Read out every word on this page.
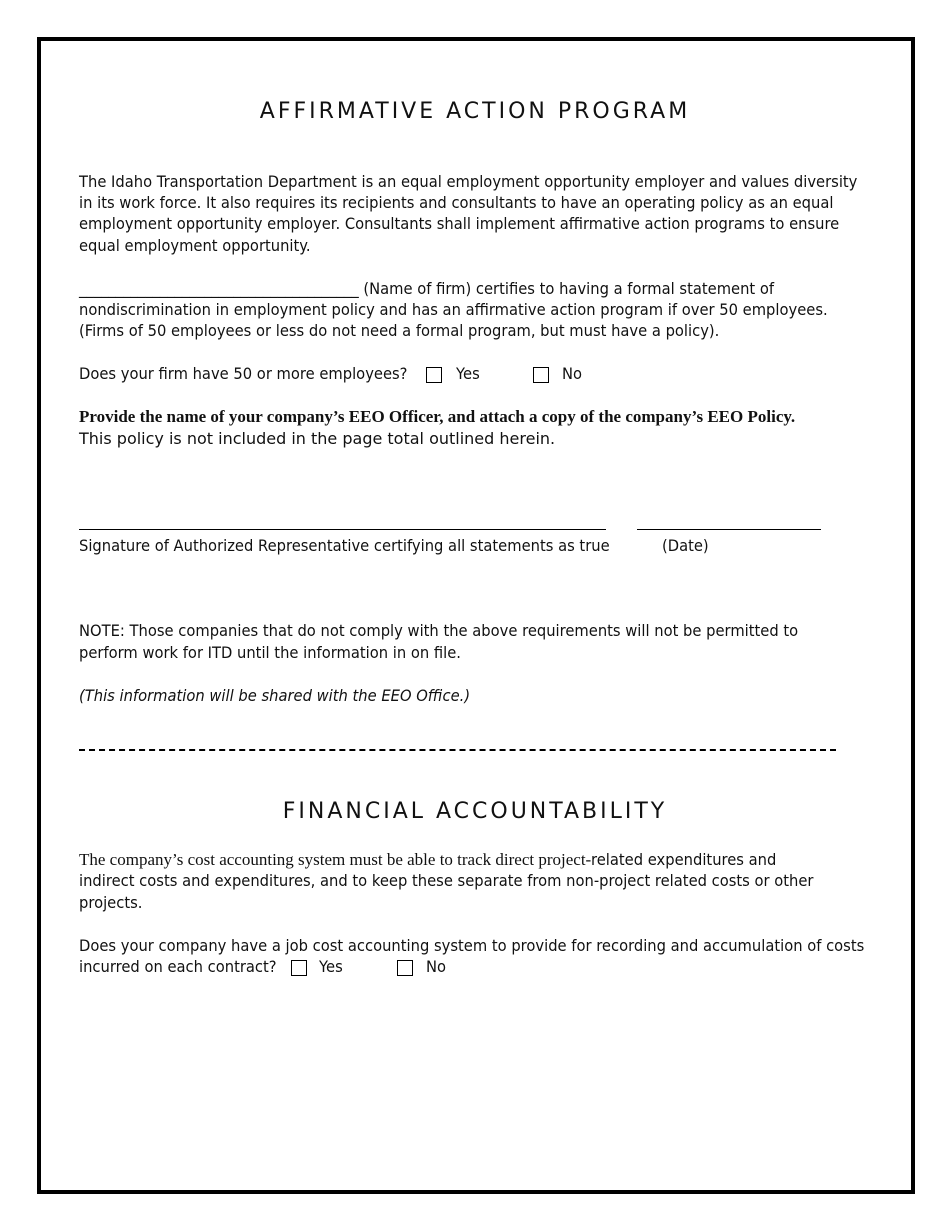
AFFIRMATIVE ACTION PROGRAM
The Idaho Transportation Department is an equal employment opportunity employer and values diversity
in its work force. It also requires its recipients and consultants to have an operating policy as an equal
employment opportunity employer. Consultants shall implement affirmative action programs to ensure
equal employment opportunity.
______________________________________ (Name of firm) certifies to having a formal statement of
nondiscrimination in employment policy and has an affirmative action program if over 50 employees.
(Firms of 50 employees or less do not need a formal program, but must have a policy).
Does your firm have 50 or more employees?	Yes	No
Provide the name of your company’s EEO Officer, and attach a copy of the company’s EEO Policy.
This policy is not included in the page total outlined herein.
Signature of Authorized Representative certifying all statements as true	(Date)
NOTE: Those companies that do not comply with the above requirements will not be permitted to
perform work for ITD until the information in on file.
(This information will be shared with the EEO Office.)
FINANCIAL ACCOUNTABILITY
The company’s cost accounting system must be able to track direct project-related expenditures and
indirect costs and expenditures, and to keep these separate from non-project related costs or other
projects.
Does your company have a job cost accounting system to provide for recording and accumulation of costs
incurred on each contract?	Yes	No
